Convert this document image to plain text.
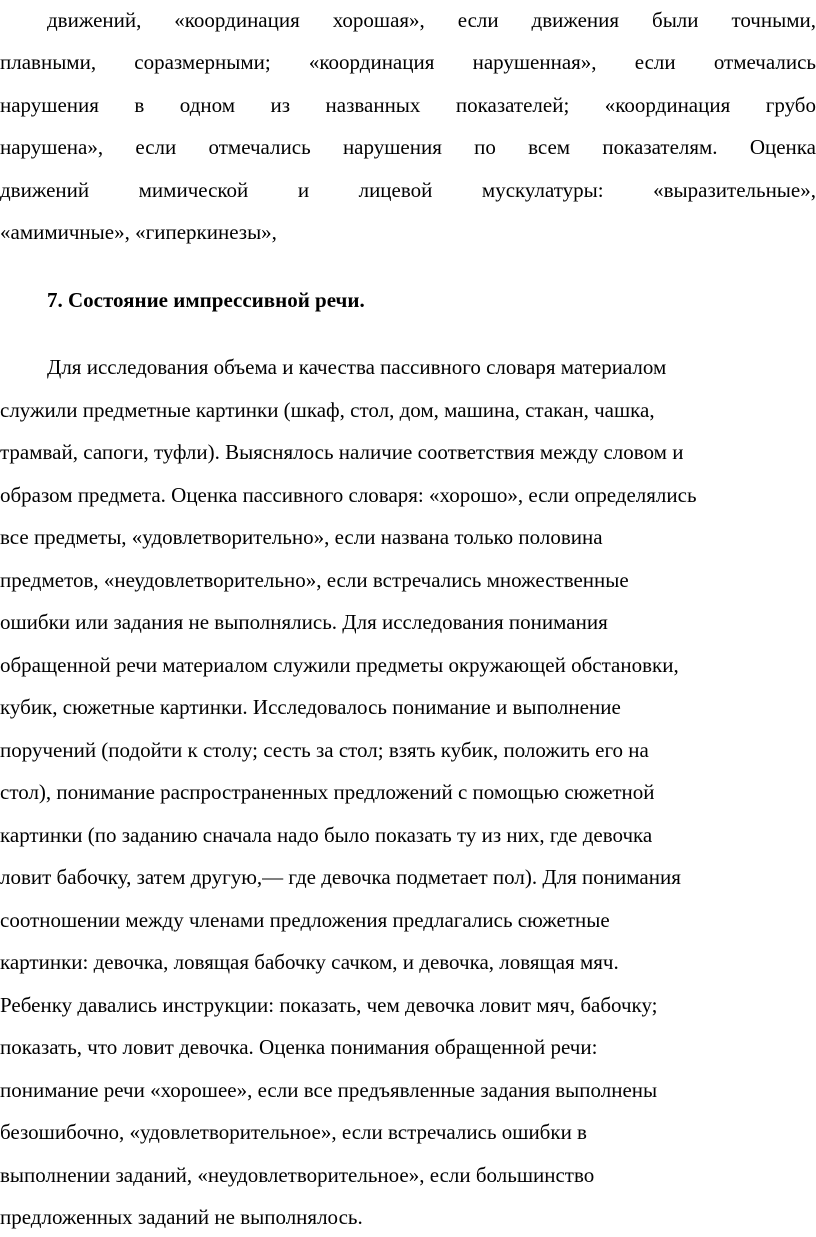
движений, «координация хорошая», если движения были точными,
плавными, соразмерными; «координация нарушенная», если отмечались
нарушения в одном из названных показателей; «координация грубо
нарушена», если отмечались нарушения по всем показателям. Оценка
движений мимической и лицевой мускулатуры: «выразительные»,
«амимичные», «гиперкинезы»,
7. Состояние импрессивной речи.
Для исследования объема и качества пассивного словаря материалом
служили предметные картинки (шкаф, стол, дом, машина, стакан, чашка,
трамвай, сапоги, туфли). Выяснялось наличие соответствия между словом и
образом предмета. Оценка пассивного словаря: «хорошо», если определялись
все предметы, «удовлетворительно», если названа только половина
предметов, «неудовлетворительно», если встречались множественные
ошибки или задания не выполнялись. Для исследования понимания
обращенной речи материалом служили предметы окружающей обстановки,
кубик, сюжетные картинки. Исследовалось понимание и выполнение
поручений (подойти к столу; сесть за стол; взять кубик, положить его на
стол), понимание распространенных предложений с помощью сюжетной
картинки (по заданию сначала надо было показать ту из них, где девочка
ловит бабочку, затем другую,— где девочка подметает пол). Для понимания
соотношении между членами предложения предлагались сюжетные
картинки: девочка, ловящая бабочку сачком, и девочка, ловящая мяч.
Ребенку давались инструкции: показать, чем девочка ловит мяч, бабочку;
показать, что ловит девочка. Оценка понимания обращенной речи:
понимание речи «хорошее», если все предъявленные задания выполнены
безошибочно, «удовлетворительное», если встречались ошибки в
выполнении заданий, «неудовлетворительное», если большинство
предложенных заданий не выполнялось.
